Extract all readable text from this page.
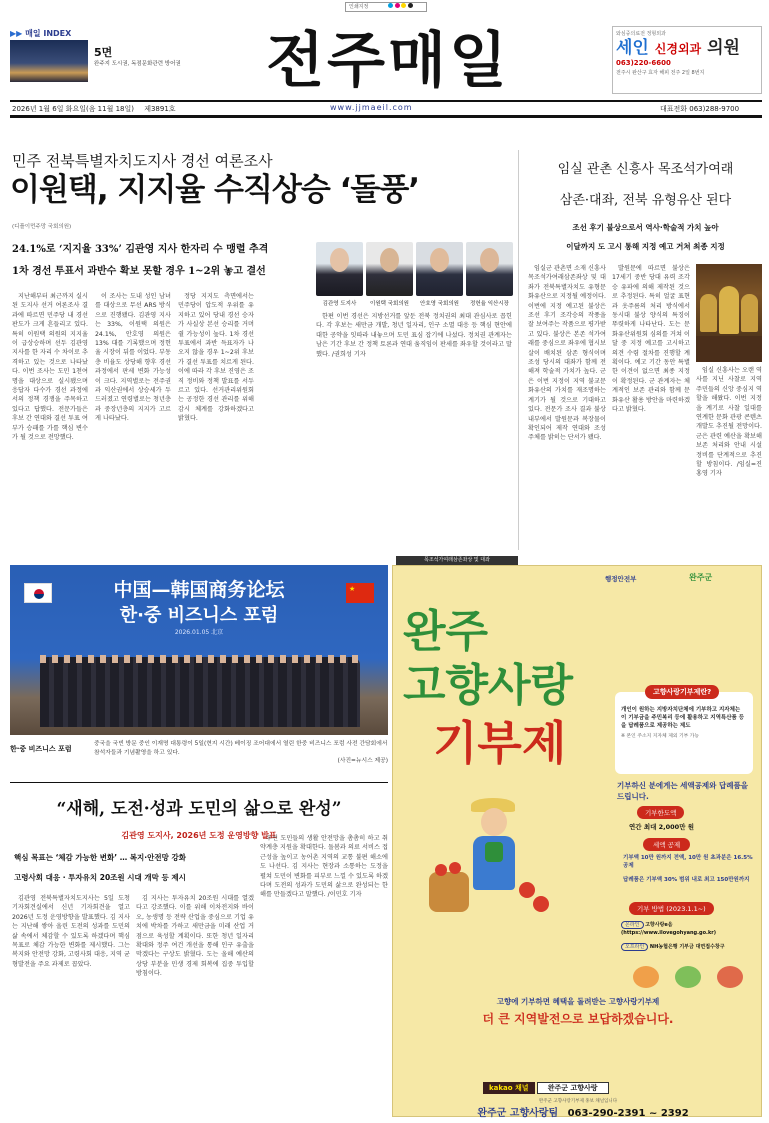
인쇄지정
▶▶ 매일 INDEX
5면
완주지 도시권, 독점문화관련 방어권	전주매일	와심중의료전 정형외과
세인 신경외과 의원
063)220-6600
전주시 완산구 효자 해피 전주 2일 8번지
2026년 1월 6일 화요일(음 11월 18일) 제3891호	www.jjmaeil.com	대표전화 063)288-9700
민주 전북특별자치도지사 경선 여론조사
이원택, 지지율 수직상승 ‘돌풍’
(디플이먼주망 국회의원)
24.1%로 ‘지지율 33%’ 김관영 지사 한자리 수 맹렬 추격
1차 경선 투표서 과반수 확보 못할 경우 1~2위 놓고 결선

지난해부터 최근까지 실시된 도지사 선거 여론조사 결과에 따르면 민주당 내 경선 판도가 크게 흔들리고 있다. 특히 이원택 의원의 지지율이 급상승하며 선두 김관영 지사를 한 자리 수 차이로 추격하고 있는 것으로 나타났다. 이번 조사는 도민 1천여 명을 대상으로 실시됐으며 응답자 다수가 경선 과정에서의 정책 경쟁을 주목하고 있다고 답했다. 전문가들은 후보 간 연대와 결선 투표 여부가 승패를 가를 핵심 변수가 될 것으로 전망했다.

이 조사는 도내 성인 남녀를 대상으로 무선 ARS 방식으로 진행됐다. 김관영 지사는 33%, 이원택 의원은 24.1%, 안호영 의원은 13% 대를 기록했으며 정헌율 시장이 뒤를 이었다. 부동층 비율도 상당해 향후 경선 과정에서 판세 변화 가능성이 크다. 지역별로는 전주권과 익산권에서 상승세가 두드러졌고 연령별로는 청년층과 중장년층의 지지가 고르게 나타났다.

정당 지지도 측면에서는 민주당이 압도적 우위를 유지하고 있어 당내 경선 승자가 사실상 본선 승리를 거머쥘 가능성이 높다. 1차 경선 투표에서 과반 득표자가 나오지 않을 경우 1~2위 후보가 결선 투표를 치르게 된다. 이에 따라 각 후보 진영은 조직 정비와 정책 발표를 서두르고 있다. 선거관리위원회는 공정한 경선 관리를 위해 감시 체계를 강화하겠다고 밝혔다.

김관영 도지사	이원택 국회의원	안호영 국회의원	정헌율 익산시장

한편 이번 경선은 지방선거를 앞둔 전북 정치권의 최대 관심사로 꼽힌다. 각 후보는 새만금 개발, 청년 일자리, 인구 소멸 대응 등 핵심 현안에 대한 공약을 잇따라 내놓으며 도민 표심 잡기에 나섰다. 정치권 관계자는 남은 기간 후보 간 정책 토론과 연대 움직임이 판세를 좌우할 것이라고 말했다. /권희성 기자

임실 관촌 신흥사 목조석가여래
삼존·대좌, 전북 유형유산 된다
조선 후기 불상으로서 역사·학술적 가치 높아
이달까지 도 고시 통해 지정 예고 거쳐 최종 지정

임실군 관촌면 소재 신흥사 목조석가여래삼존좌상 및 대좌가 전북특별자치도 유형문화유산으로 지정될 예정이다. 이번에 지정 예고된 불상은 조선 후기 조각승의 작풍을 잘 보여주는 작품으로 평가받고 있다. 불상은 본존 석가여래를 중심으로 좌우에 협시보살이 배치된 삼존 형식이며 조성 당시의 대좌가 함께 전해져 학술적 가치가 높다. 군은 이번 지정이 지역 불교문화유산의 가치를 재조명하는 계기가 될 것으로 기대하고 있다. 전문가 조사 결과 불상 내부에서 발원문과 복장물이 확인되어 제작 연대와 조성 주체를 밝히는 단서가 됐다.

발원문에 따르면 불상은 17세기 중반 당대 유력 조각승 유파에 의해 제작된 것으로 추정된다. 특히 얼굴 표현과 옷주름의 처리 방식에서 동시대 불상 양식의 특징이 뚜렷하게 나타난다. 도는 문화유산위원회 심의를 거쳐 이달 중 지정 예고를 고시하고 의견 수렴 절차를 진행할 계획이다. 예고 기간 동안 특별한 이견이 없으면 최종 지정이 확정된다. 군 관계자는 체계적인 보존 관리와 함께 문화유산 활용 방안을 마련하겠다고 밝혔다.

임실 신흥사는 오랜 역사를 지닌 사찰로 지역 주민들의 신앙 중심지 역할을 해왔다. 이번 지정을 계기로 사찰 일대를 연계한 문화 관광 콘텐츠 개발도 추진될 전망이다. 군은 관련 예산을 확보해 보존 처리와 안내 시설 정비를 단계적으로 추진할 방침이다. /임실=진홍영 기자

목조석가여래삼존좌상 및 대좌
★
中国—韩国商务论坛
한·중 비즈니스 포럼
2026.01.05 北京
한·중 비즈니스 포럼
중국을 국빈 방문 중인 이재명 대통령이 5일(현지 시간) 베이징 조어대에서 열린 한중 비즈니스 포럼 사전 간담회에서 참석자들과 기념촬영을 하고 있다.
(사진=뉴시스 제공)
“새해, 도전·성과 도민의 삶으로 완성”
김관영 도지사, 2026년 도정 운영방향 발표
핵심 목표는 ‘체감 가능한 변화’ … 복지·안전망 강화
고령사회 대응 · 투자유치 20조원 시대 개막 등 제시

김관영 전북특별자치도지사는 5일 도청 기자회견실에서 신년 기자회견을 열고 2026년 도정 운영방향을 발표했다. 김 지사는 지난해 쌓아 올린 도전의 성과를 도민의 삶 속에서 체감할 수 있도록 하겠다며 핵심 목표로 체감 가능한 변화를 제시했다. 그는 복지와 안전망 강화, 고령사회 대응, 지역 균형발전을 주요 과제로 꼽았다.

김 지사는 투자유치 20조원 시대를 열겠다고 강조했다. 이를 위해 이차전지와 바이오, 농생명 등 전략 산업을 중심으로 기업 유치에 박차를 가하고 새만금을 미래 산업 거점으로 육성할 계획이다. 또한 청년 일자리 확대와 정주 여건 개선을 통해 인구 유출을 막겠다는 구상도 밝혔다. 도는 올해 예산의 상당 부분을 민생 경제 회복에 집중 투입할 방침이다.

우선 도민들의 생활 안전망을 촘촘히 하고 취약계층 지원을 확대한다. 돌봄과 의료 서비스 접근성을 높이고 농어촌 지역의 교통 불편 해소에도 나선다. 김 지사는 현장과 소통하는 도정을 펼쳐 도민이 변화를 피부로 느낄 수 있도록 하겠다며 도전의 성과가 도민의 삶으로 완성되는 한 해를 만들겠다고 말했다. /이민호 기자

행정안전부	완주군
완주
고향사랑
기부제
고향사랑기부제란?
개인이 원하는 지방자치단체에 기부하고 지자체는 이 기부금을 주민복리 등에 활용하고 지역특산품 등을 답례품으로 제공하는 제도
※ 본인 주소지 지자체 제외 기부 가능
기부하신 분에게는 세액공제와 답례품을 드립니다.
기부한도액
연간 최대 2,000만 원
세액 공제
기부액 10만 원까지 전액, 10만 원 초과분은 16.5% 공제
답례품은 기부액 30% 범위 내로 최고 150만원까지
기부 방법 (2023.1.1~)
온라인 고향사랑e음 (https://www.ilovegohyang.go.kr)
오프라인 NH농협은행 기부금 대면접수창구
고향에 기부하면 혜택을 돌려받는 고향사랑기부제
더 큰 지역발전으로 보답하겠습니다.
kakao 채널	완주군 고향사랑
완주군 고향사랑기부제 홍보 채널입니다
완주군 고향사랑팀 063-290-2391 ~ 2392
